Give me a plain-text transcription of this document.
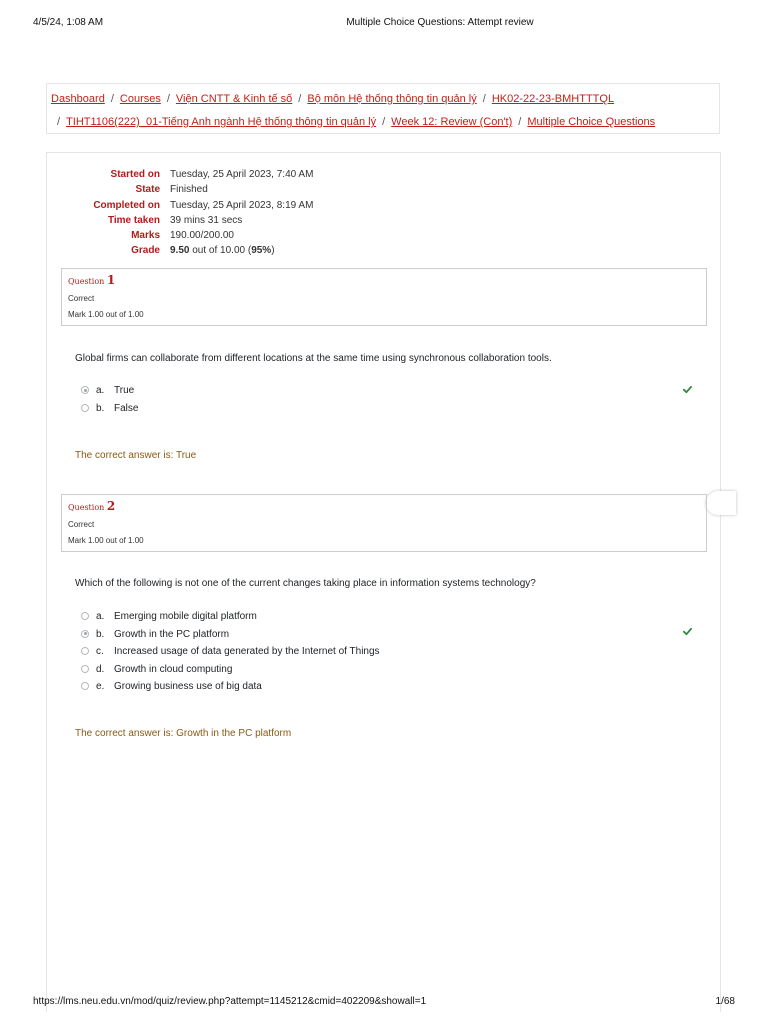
4/5/24, 1:08 AM	Multiple Choice Questions: Attempt review
Dashboard / Courses / Viện CNTT & Kinh tế số / Bộ môn Hệ thống thông tin quản lý / HK02-22-23-BMHTTTQL
/ TIHT1106(222)_01-Tiếng Anh ngành Hệ thống thông tin quản lý / Week 12: Review (Con't) / Multiple Choice Questions
Started on	Tuesday, 25 April 2023, 7:40 AM
State	Finished
Completed on	Tuesday, 25 April 2023, 8:19 AM
Time taken	39 mins 31 secs
Marks	190.00/200.00
Grade	9.50 out of 10.00 (95%)
Question 1
Correct
Mark 1.00 out of 1.00
Global firms can collaborate from different locations at the same time using synchronous collaboration tools.
a. True
b. False
The correct answer is: True
Question 2
Correct
Mark 1.00 out of 1.00
Which of the following is not one of the current changes taking place in information systems technology?
a. Emerging mobile digital platform
b. Growth in the PC platform
c. Increased usage of data generated by the Internet of Things
d. Growth in cloud computing
e. Growing business use of big data
The correct answer is: Growth in the PC platform
https://lms.neu.edu.vn/mod/quiz/review.php?attempt=1145212&cmid=402209&showall=1	1/68
